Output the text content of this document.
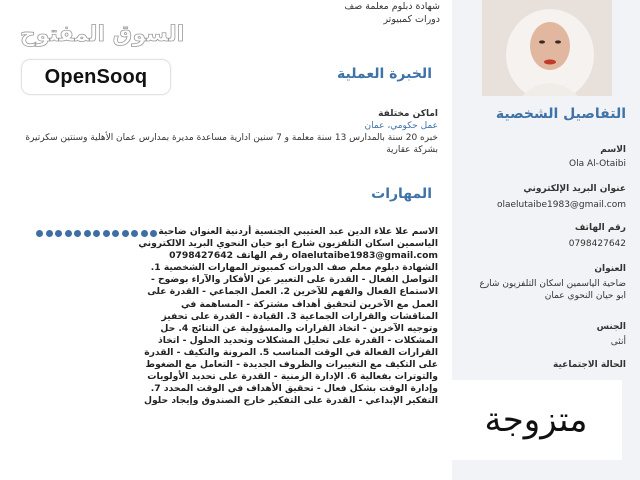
شهادة دبلوم معلمة صف
دورات كمبيوتر
الخبرة العملية
اماكن مختلفة
عمل حكومي، عمان
خبره 20 سنة بالمدارس 13 سنة معلمة و 7 سنين ادارية مساعدة مديرة بمدارس عمان الأهلية وسنتين سكرتيرة بشركة عقارية
المهارات
الاسم علا علاء الدين عبد العتيبي الجنسية أردنية العنوان ضاحية الياسمين اسكان التلفزيون شارع ابو حيان النحوي البريد الالكتروني olaelutaibe1983@gmail.com رقم الهاتف 0798427642 الشهادة دبلوم معلم صف الدورات كمبيوتر المهارات الشخصية 1. التواصل الفعال - القدرة على التعبير عن الأفكار والآراء بوضوح - الاستماع الفعال والفهم للآخرين 2. العمل الجماعي - القدرة على العمل مع الآخرين لتحقيق أهداف مشتركة - المساهمة في المناقشات والقرارات الجماعية 3. القيادة - القدرة على تحفيز وتوجيه الآخرين - اتخاذ القرارات والمسؤولية عن النتائج 4. حل المشكلات - القدرة على تحليل المشكلات وتحديد الحلول - اتخاذ القرارات الفعالة في الوقت المناسب 5. المرونة والتكيف - القدرة على التكيف مع التغييرات والظروف الجديدة - التعامل مع الضغوط والتوترات بفعالية 6. الإدارة الزمنية - القدرة على تحديد الأولويات وإدارة الوقت بشكل فعال - تحقيق الأهداف في الوقت المحدد 7. التفكير الإبداعي - القدرة على التفكير خارج الصندوق وإيجاد حلول
التفاصيل الشخصية
الاسم
Ola Al-Otaibi
عنوان البريد الإلكتروني
olaelutaibe1983@gmail.com
رقم الهاتف
0798427642
العنوان
ضاحية الياسمين اسكان التلفزيون شارع ابو حيان النحوي عمان
الجنس
أنثى
الحالة الاجتماعية
السوق المفتوح
OpenSooq
متزوجة
